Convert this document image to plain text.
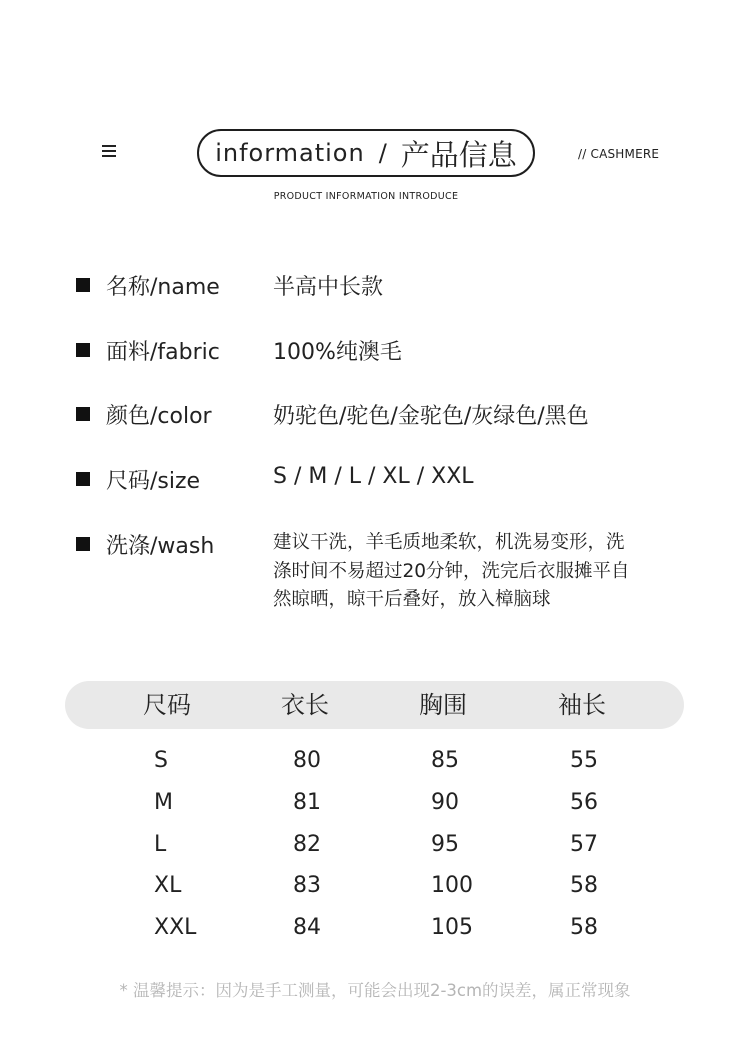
information / 产品信息	// CASHMERE
PRODUCT INFORMATION INTRODUCE
名称/name 半高中长款
面料/fabric 100%纯澳毛
颜色/color	奶驼色/驼色/金驼色/灰绿色/黑色
尺码/size	S / M / L / XL / XXL
洗涤/wash	建议干洗，羊毛质地柔软，机洗易变形，洗
涤时间不易超过20分钟，洗完后衣服摊平自
然晾晒，晾干后叠好，放入樟脑球
尺码	衣长	胸围	袖长
S	80	85	55
M	81	90	56
L	82	95	57
XL	83	100	58
XXL	84	105	58
* 温馨提示：因为是手工测量，可能会出现2-3cm的误差，属正常现象
